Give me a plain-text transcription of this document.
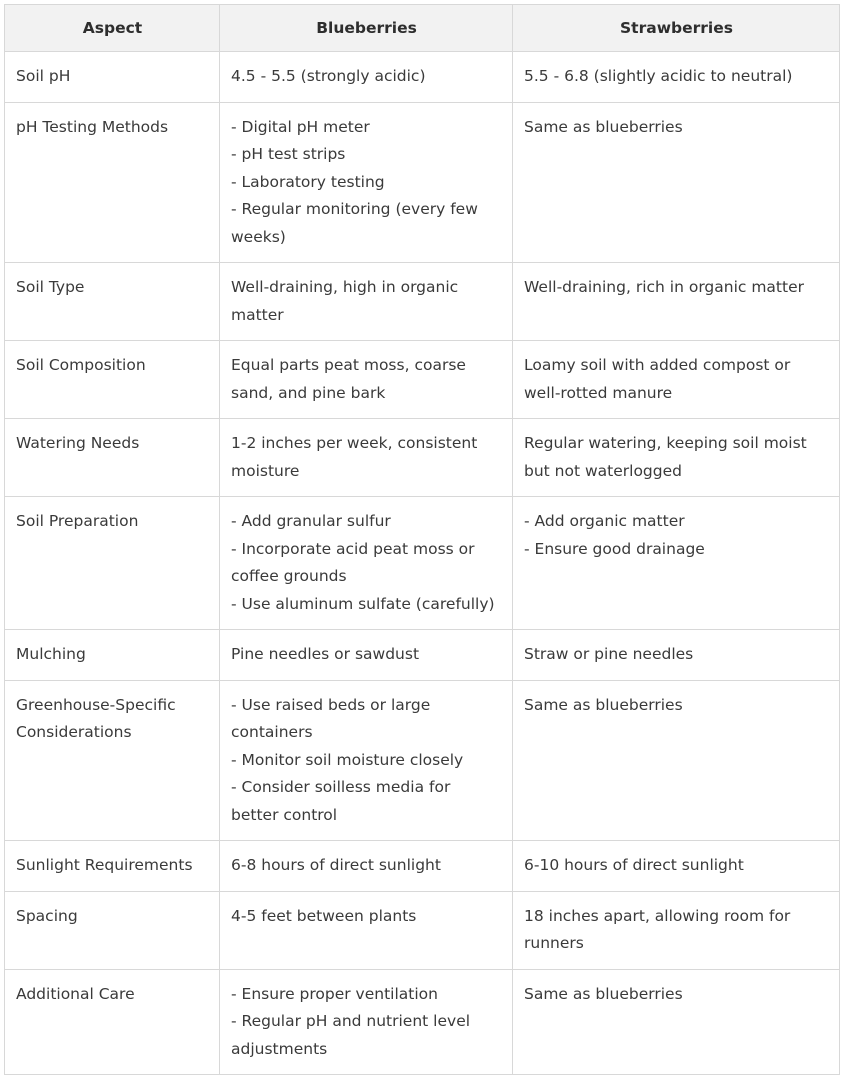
Aspect	Blueberries	Strawberries
Soil pH	4.5 - 5.5 (strongly acidic)	5.5 - 6.8 (slightly acidic to neutral)

pH Testing Methods	- Digital pH meter
- pH test strips
- Laboratory testing
- Regular monitoring (every few weeks)	Same as blueberries

Soil Type	Well-draining, high in organic matter	Well-draining, rich in organic matter

Soil Composition	Equal parts peat moss, coarse sand, and pine bark	Loamy soil with added compost or well-rotted manure

Watering Needs	1-2 inches per week, consistent moisture	Regular watering, keeping soil moist but not waterlogged

Soil Preparation	- Add granular sulfur
- Incorporate acid peat moss or coffee grounds
- Use aluminum sulfate (carefully)	- Add organic matter
- Ensure good drainage

Mulching	Pine needles or sawdust	Straw or pine needles

Greenhouse-Specific Considerations	- Use raised beds or large containers
- Monitor soil moisture closely
- Consider soilless media for better control	Same as blueberries

Sunlight Requirements	6-8 hours of direct sunlight	6-10 hours of direct sunlight

Spacing	4-5 feet between plants	18 inches apart, allowing room for runners

Additional Care	- Ensure proper ventilation
- Regular pH and nutrient level adjustments	Same as blueberries
